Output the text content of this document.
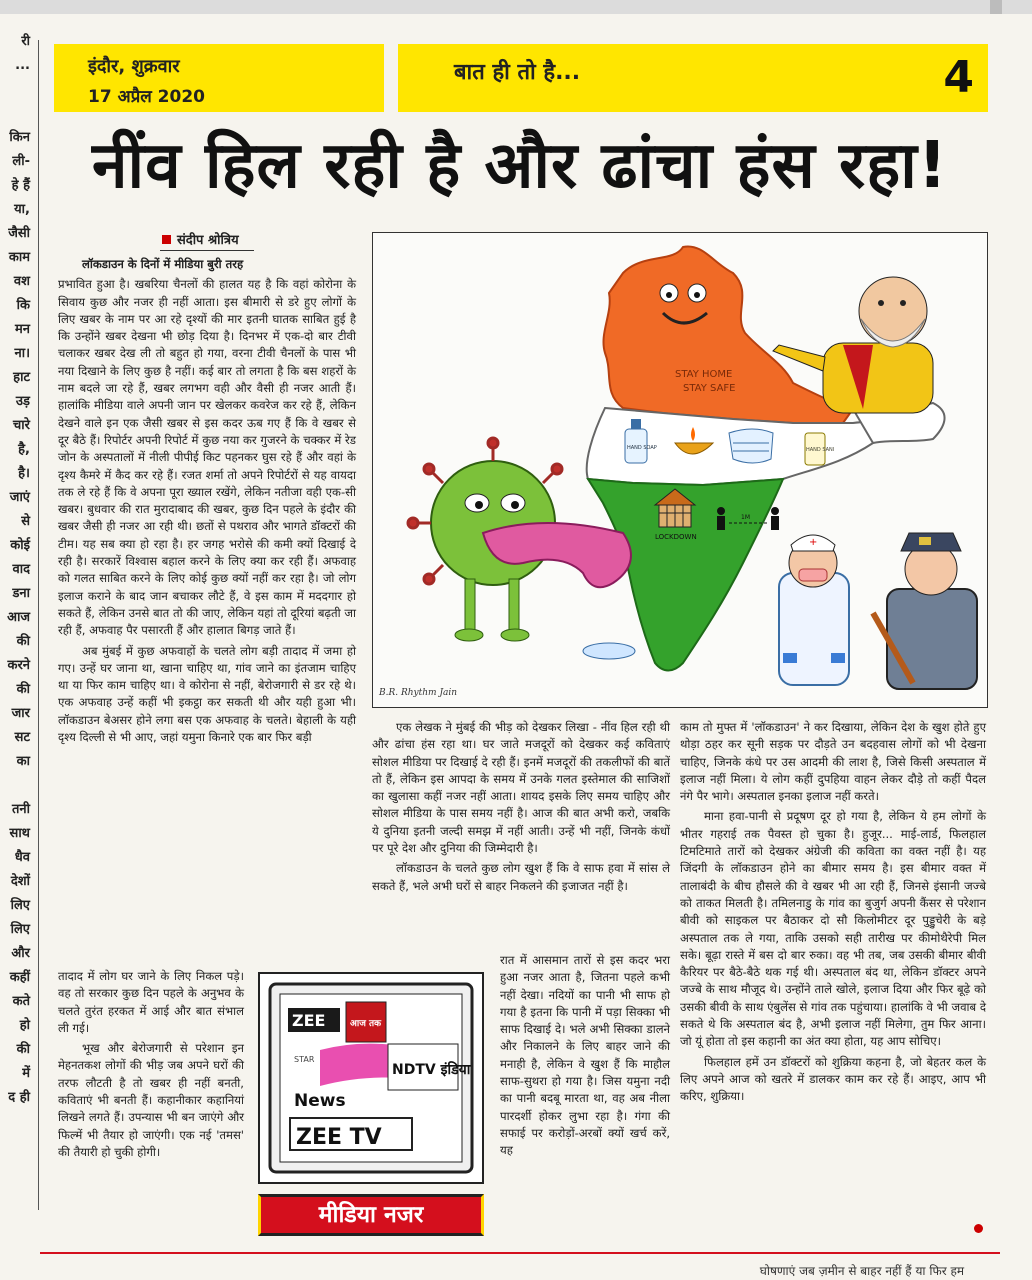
री
...

किन
ली-
हे हैं
या,
जैसी
काम
वश
कि
मन
ना।
हाट
उड़
चारे
है,
है।
जाएं
से
कोई
वाद
डना
आज
की
करने
की
जार
सट
का

तनी
साथ
धैव
देशों
लिए
लिए
और
कहीं
कते
हो
की
में
द ही
इंदौर, शुक्रवार
17 अप्रैल 2020
बात ही तो है...	4
नींव हिल रही है और ढांचा हंस रहा!
संदीप श्रोत्रिय

लॉकडाउन के दिनों में मीडिया बुरी तरह

प्रभावित हुआ है। खबरिया चैनलों की हालत यह है कि वहां कोरोना के सिवाय कुछ और नजर ही नहीं आता। इस बीमारी से डरे हुए लोगों के लिए खबर के नाम पर आ रहे दृश्यों की मार इतनी घातक साबित हुई है कि उन्होंने खबर देखना भी छोड़ दिया है। दिनभर में एक-दो बार टीवी चलाकर खबर देख ली तो बहुत हो गया, वरना टीवी चैनलों के पास भी नया दिखाने के लिए कुछ है नहीं। कई बार तो लगता है कि बस शहरों के नाम बदले जा रहे हैं, खबर लगभग वही और वैसी ही नजर आती हैं। हालांकि मीडिया वाले अपनी जान पर खेलकर कवरेज कर रहे हैं, लेकिन देखने वाले इन एक जैसी खबर से इस कदर ऊब गए हैं कि वे खबर से दूर बैठे हैं। रिपोर्टर अपनी रिपोर्ट में कुछ नया कर गुजरने के चक्कर में रेड जोन के अस्पतालों में नीली पीपीई किट पहनकर घुस रहे हैं और वहां के दृश्य कैमरे में कैद कर रहे हैं। रजत शर्मा तो अपने रिपोर्टरों से यह वायदा तक ले रहे हैं कि वे अपना पूरा ख्याल रखेंगे, लेकिन नतीजा वही एक-सी खबर। बुधवार की रात मुरादाबाद की खबर, कुछ दिन पहले के इंदौर की खबर जैसी ही नजर आ रही थी। छतों से पथराव और भागते डॉक्टरों की टीम। यह सब क्या हो रहा है। हर जगह भरोसे की कमी क्यों दिखाई दे रही है। सरकारें विश्वास बहाल करने के लिए क्या कर रही हैं। अफवाह को गलत साबित करने के लिए कोई कुछ क्यों नहीं कर रहा है। जो लोग इलाज कराने के बाद जान बचाकर लौटे हैं, वे इस काम में मददगार हो सकते हैं, लेकिन उनसे बात तो की जाए, लेकिन यहां तो दूरियां बढ़ती जा रही हैं, अफवाह पैर पसारती हैं और हालात बिगड़ जाते हैं।

अब मुंबई में कुछ अफवाहों के चलते लोग बड़ी तादाद में जमा हो गए। उन्हें घर जाना था, खाना चाहिए था, गांव जाने का इंतजाम चाहिए था या फिर काम चाहिए था। वे कोरोना से नहीं, बेरोजगारी से डर रहे थे। एक अफवाह उन्हें कहीं भी इकट्ठा कर सकती थी और यही हुआ भी। लॉकडाउन बेअसर होने लगा बस एक अफवाह के चलते। बेहाली के यही दृश्य दिल्ली से भी आए, जहां यमुना किनारे एक बार फिर बड़ी

तादाद में लोग घर जाने के लिए निकल पड़े। वह तो सरकार कुछ दिन पहले के अनुभव के चलते तुरंत हरकत में आई और बात संभाल ली गई।

भूख और बेरोजगारी से परेशान इन मेहनतकश लोगों की भीड़ जब अपने घरों की तरफ लौटती है तो खबर ही नहीं बनती, कविताएं भी बनती हैं। कहानीकार कहानियां लिखने लगते हैं। उपन्यास भी बन जाएंगे और फिल्में भी तैयार हो जाएंगी। एक नई 'तमस' की तैयारी हो चुकी होगी।

STAY HOME
STAY SAFE
HAND SOAP	HAND SANI
LOCKDOWN
1M
+
B.R. Rhythm Jain

एक लेखक ने मुंबई की भीड़ को देखकर लिखा - नींव हिल रही थी और ढांचा हंस रहा था। घर जाते मजदूरों को देखकर कई कविताएं सोशल मीडिया पर दिखाई दे रही हैं। इनमें मजदूरों की तकलीफों की बातें तो हैं, लेकिन इस आपदा के समय में उनके गलत इस्तेमाल की साजिशों का खुलासा कहीं नजर नहीं आता। शायद इसके लिए समय चाहिए और सोशल मीडिया के पास समय नहीं है। आज की बात अभी करो, जबकि ये दुनिया इतनी जल्दी समझ में नहीं आती। उन्हें भी नहीं, जिनके कंधों पर पूरे देश और दुनिया की जिम्मेदारी है।

लॉकडाउन के चलते कुछ लोग खुश हैं कि वे साफ हवा में सांस ले सकते हैं, भले अभी घरों से बाहर निकलने की इजाजत नहीं है।

रात में आसमान तारों से इस कदर भरा हुआ नजर आता है, जितना पहले कभी नहीं देखा। नदियों का पानी भी साफ हो गया है इतना कि पानी में पड़ा सिक्का भी साफ दिखाई दे। भले अभी सिक्का डालने और निकालने के लिए बाहर जाने की मनाही है, लेकिन वे खुश हैं कि माहौल साफ-सुथरा हो गया है। जिस यमुना नदी का पानी बदबू मारता था, वह अब नीला पारदर्शी होकर लुभा रहा है। गंगा की सफाई पर करोड़ों-अरबों क्यों खर्च करें, यह

काम तो मुफ्त में 'लॉकडाउन' ने कर दिखाया, लेकिन देश के खुश होते हुए थोड़ा ठहर कर सूनी सड़क पर दौड़ते उन बदहवास लोगों को भी देखना चाहिए, जिनके कंधे पर उस आदमी की लाश है, जिसे किसी अस्पताल में इलाज नहीं मिला। ये लोग कहीं दुपहिया वाहन लेकर दौड़े तो कहीं पैदल नंगे पैर भागे। अस्पताल इनका इलाज नहीं करते।

माना हवा-पानी से प्रदूषण दूर हो गया है, लेकिन ये हम लोगों के भीतर गहराई तक पैवस्त हो चुका है। हुजूर... माई-लार्ड, फिलहाल टिमटिमाते तारों को देखकर अंग्रेजी की कविता का वक्त नहीं है। यह जिंदगी के लॉकडाउन होने का बीमार समय है। इस बीमार वक्त में तालाबंदी के बीच हौसले की वे खबर भी आ रही हैं, जिनसे इंसानी जज्बे को ताकत मिलती है। तमिलनाडु के गांव का बुजुर्ग अपनी कैंसर से परेशान बीवी को साइकल पर बैठाकर दो सौ किलोमीटर दूर पुड्डुचेरी के बड़े अस्पताल तक ले गया, ताकि उसको सही तारीख पर कीमोथैरेपी मिल सके। बूढ़ा रास्ते में बस दो बार रुका। वह भी तब, जब उसकी बीमार बीवी कैरियर पर बैठे-बैठे थक गई थी। अस्पताल बंद था, लेकिन डॉक्टर अपने जज्बे के साथ मौजूद थे। उन्होंने ताले खोले, इलाज दिया और फिर बूढ़े को उसकी बीवी के साथ एंबुलेंस से गांव तक पहुंचाया। हालांकि वे भी जवाब दे सकते थे कि अस्पताल बंद है, अभी इलाज नहीं मिलेगा, तुम फिर आना। जो यूं होता तो इस कहानी का अंत क्या होता, यह आप सोचिए।

फिलहाल हमें उन डॉक्टरों को शुक्रिया कहना है, जो बेहतर कल के लिए अपने आज को खतरे में डालकर काम कर रहे हैं। आइए, आप भी करिए, शुक्रिया।

ZEE	आज तक
STAR
NDTV इंडिया
News
ZEE TV
मीडिया नजर
घोषणाएं जब ज़मीन से बाहर नहीं हैं या फिर हम
